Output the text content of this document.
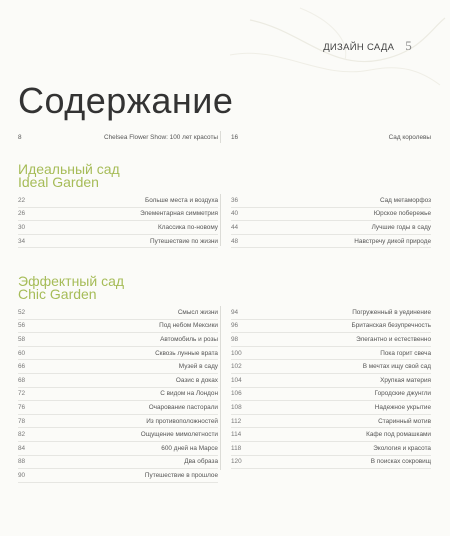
ДИЗАЙН САДА 5
Содержание
8	Chelsea Flower Show: 100 лет красоты 16	Сад королевы
Идеальный сад
Ideal Garden
22	Больше места и воздуха
26	Элементарная симметрия
30	Классика по-новому
34	Путешествие по жизни
36	Сад метаморфоз
40	Юрское побережье
44	Лучшие годы в саду
48	Навстречу дикой природе
Эффектный сад
Chic Garden
52	Смысл жизни
56	Под небом Мексики
58	Автомобиль и розы
60	Сквозь лунные врата
66	Музей в саду
68	Оазис в доках
72	С видом на Лондон
76	Очарование пасторали
78	Из противоположностей
82	Ощущение мимолетности
84	600 дней на Марсе
88	Два образа
90	Путешествие в прошлое
94	Погруженный в уединение
96	Британская безупречность
98	Элегантно и естественно
100	Пока горит свеча
102	В мечтах ищу свой сад
104	Хрупкая материя
106	Городские джунгли
108	Надежное укрытие
112	Старинный мотив
114	Кафе под ромашками
118	Экология и красота
120	В поисках сокровищ
